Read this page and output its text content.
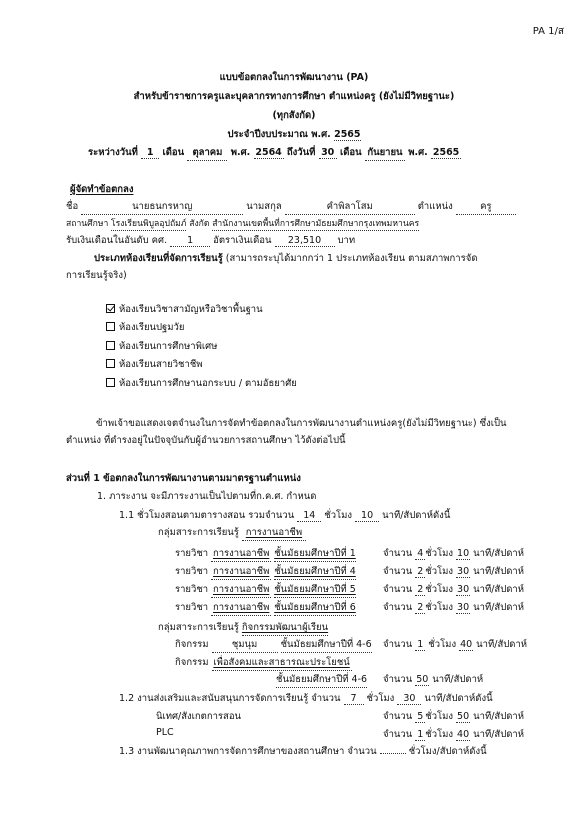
PA 1/ส
แบบข้อตกลงในการพัฒนางาน (PA)
สำหรับข้าราชการครูและบุคลากรทางการศึกษา ตำแหน่งครู (ยังไม่มีวิทยฐานะ)
(ทุกสังกัด)
ประจำปีงบประมาณ พ.ศ. 2565
ระหว่างวันที่ 1 เดือน ตุลาคม พ.ศ. 2564 ถึงวันที่ 30 เดือน กันยายน พ.ศ. 2565
ผู้จัดทำข้อตกลง
ชื่อ	นายธนกรหาญ	นามสกุล	คำพิลาโสม	ตำแหน่ง	ครู
สถานศึกษา โรงเรียนพิบูลอุปถัมภ์ สังกัด สำนักงานเขตพื้นที่การศึกษามัธยมศึกษากรุงเทพมหานคร
รับเงินเดือนในอันดับ คศ. 1 อัตราเงินเดือน 23,510 บาท
ประเภทห้องเรียนที่จัดการเรียนรู้ (สามารถระบุได้มากกว่า 1 ประเภทห้องเรียน ตามสภาพการจัด
การเรียนรู้จริง)
ห้องเรียนวิชาสามัญหรือวิชาพื้นฐาน
ห้องเรียนปฐมวัย
ห้องเรียนการศึกษาพิเศษ
ห้องเรียนสายวิชาชีพ
ห้องเรียนการศึกษานอกระบบ / ตามอัธยาศัย
ข้าพเจ้าขอแสดงเจตจำนงในการจัดทำข้อตกลงในการพัฒนางานตำแหน่งครู(ยังไม่มีวิทยฐานะ) ซึ่งเป็น
ตำแหน่ง ที่ดำรงอยู่ในปัจจุบันกับผู้อำนวยการสถานศึกษา ไว้ดังต่อไปนี้
ส่วนที่ 1 ข้อตกลงในการพัฒนางานตามมาตรฐานตำแหน่ง
1. ภาระงาน จะมีภาระงานเป็นไปตามที่ก.ค.ศ. กำหนด
1.1 ชั่วโมงสอนตามตารางสอน รวมจำนวน 14 ชั่วโมง 10 นาที/สัปดาห์ดังนี้
กลุ่มสาระการเรียนรู้ การงานอาชีพ
รายวิชา การงานอาชีพ ชั้นมัธยมศึกษาปีที่ 1	จำนวน 4 ชั่วโมง 10 นาที/สัปดาห์
รายวิชา การงานอาชีพ ชั้นมัธยมศึกษาปีที่ 4	จำนวน 2 ชั่วโมง 30 นาที/สัปดาห์
รายวิชา การงานอาชีพ ชั้นมัธยมศึกษาปีที่ 5	จำนวน 2 ชั่วโมง 30 นาที/สัปดาห์
รายวิชา การงานอาชีพ ชั้นมัธยมศึกษาปีที่ 6	จำนวน 2 ชั่วโมง 30 นาที/สัปดาห์
กลุ่มสาระการเรียนรู้ กิจกรรมพัฒนาผู้เรียน
กิจกรรม ชุมนุม ชั้นมัธยมศึกษาปีที่ 4-6 จำนวน 1 ชั่วโมง 40 นาที/สัปดาห์
กิจกรรม เพื่อสังคมและสาธารณะประโยชน์
ชั้นมัธยมศึกษาปีที่ 4-6 จำนวน 50 นาที/สัปดาห์
1.2 งานส่งเสริมและสนับสนุนการจัดการเรียนรู้ จำนวน 7 ชั่วโมง 30 นาที/สัปดาห์ดังนี้
นิเทศ/สังเกตการสอน	จำนวน 5 ชั่วโมง 50 นาที/สัปดาห์
PLC	จำนวน 1 ชั่วโมง 40 นาที/สัปดาห์
1.3 งานพัฒนาคุณภาพการจัดการศึกษาของสถานศึกษา จำนวน	ชั่วโมง/สัปดาห์ดังนี้
